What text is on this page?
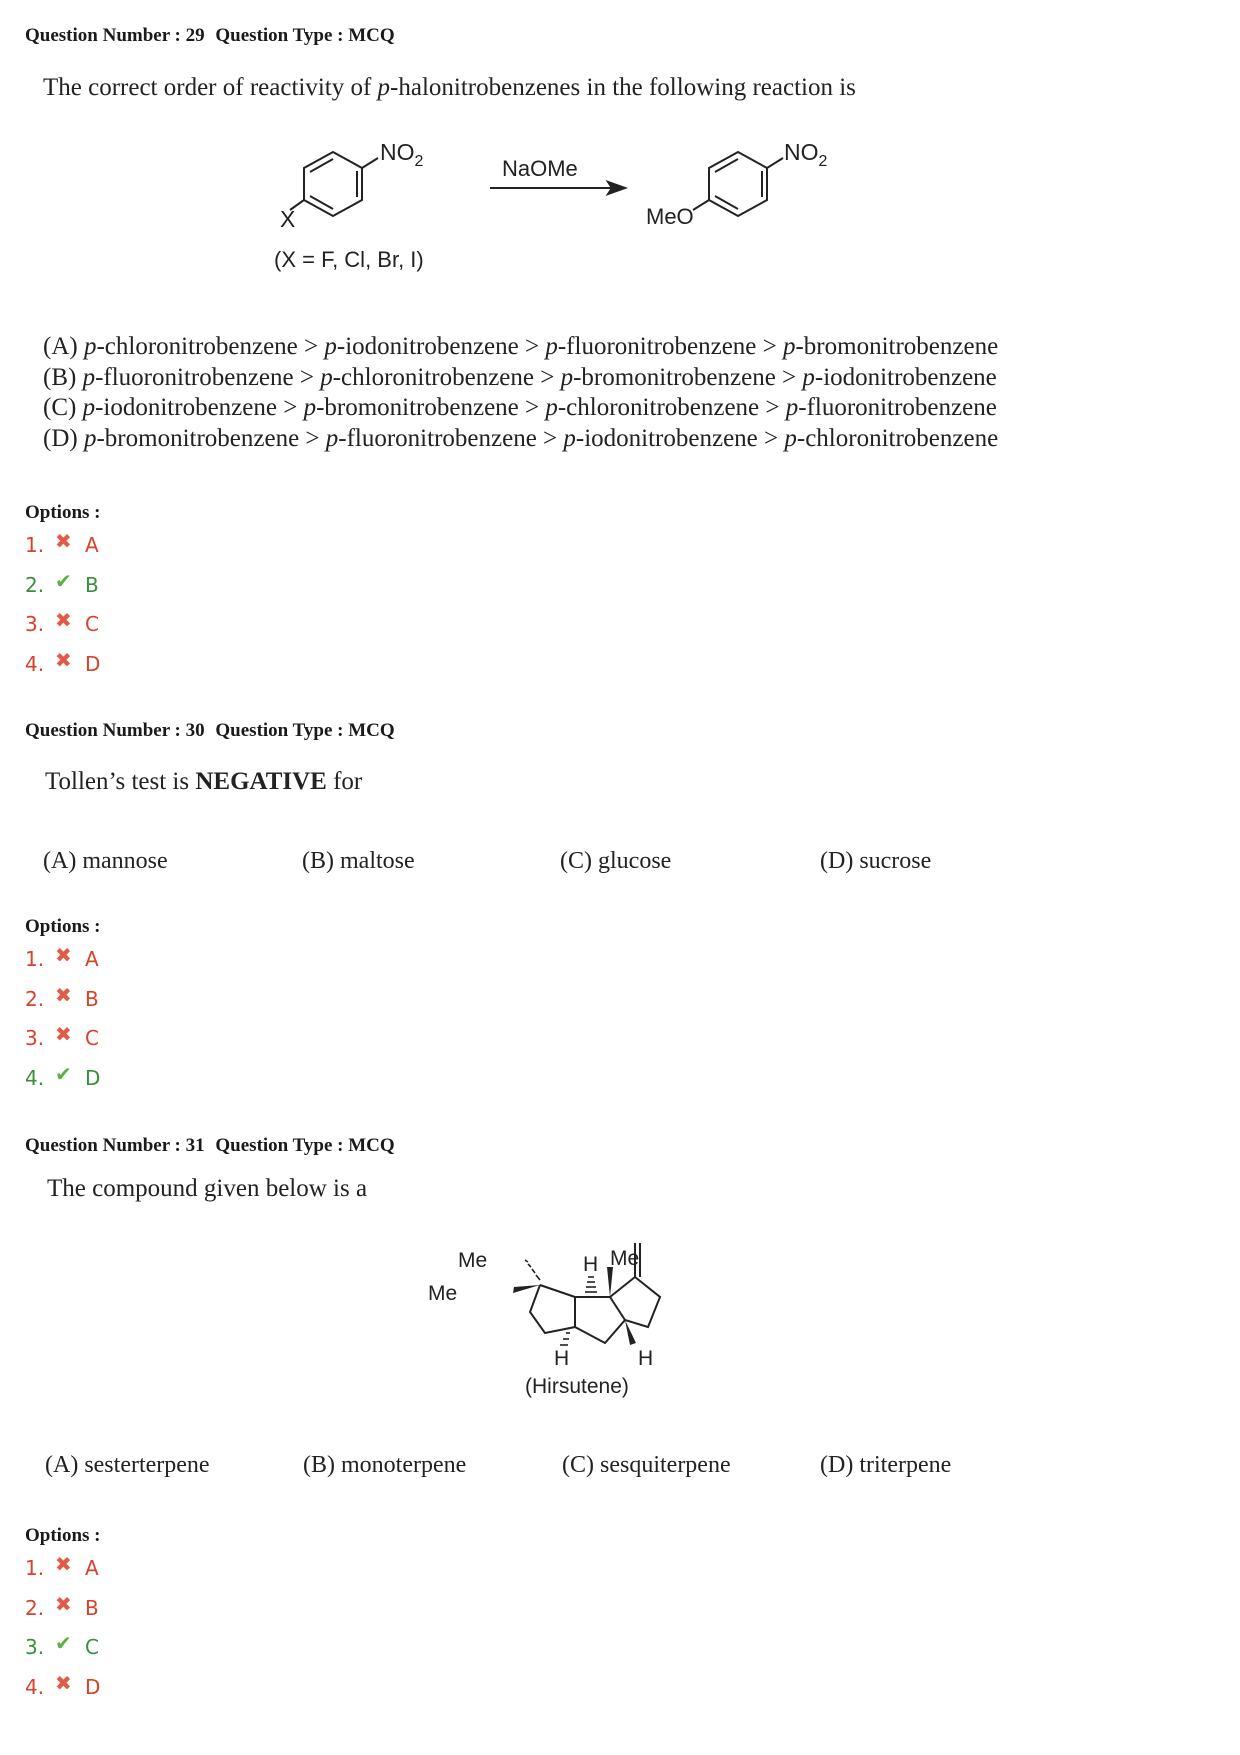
Question Number : 29 Question Type : MCQ
The correct order of reactivity of p-halonitrobenzenes in the following reaction is
$NO_2$
X
(X = F, Cl, Br, I)
NaOMe
$NO_2$
MeO
(A) p-chloronitrobenzene > p-iodonitrobenzene > p-fluoronitrobenzene > p-bromonitrobenzene
(B) p-fluoronitrobenzene > p-chloronitrobenzene > p-bromonitrobenzene > p-iodonitrobenzene
(C) p-iodonitrobenzene > p-bromonitrobenzene > p-chloronitrobenzene > p-fluoronitrobenzene
(D) p-bromonitrobenzene > p-fluoronitrobenzene > p-iodonitrobenzene > p-chloronitrobenzene
Options :
1. ✖ A
2. ✔ B
3. ✖ C
4. ✖ D
Question Number : 30 Question Type : MCQ
Tollen’s test is NEGATIVE for
(A) mannose	(B) maltose	(C) glucose	(D) sucrose
Options :
1. ✖ A
2. ✖ B
3. ✖ C
4. ✔ D
Question Number : 31 Question Type : MCQ
The compound given below is a
Me
Me
H Me
H	H
(Hirsutene)
(A) sesterterpene	(B) monoterpene	(C) sesquiterpene	(D) triterpene
Options :
1. ✖ A
2. ✖ B
3. ✔ C
4. ✖ D
